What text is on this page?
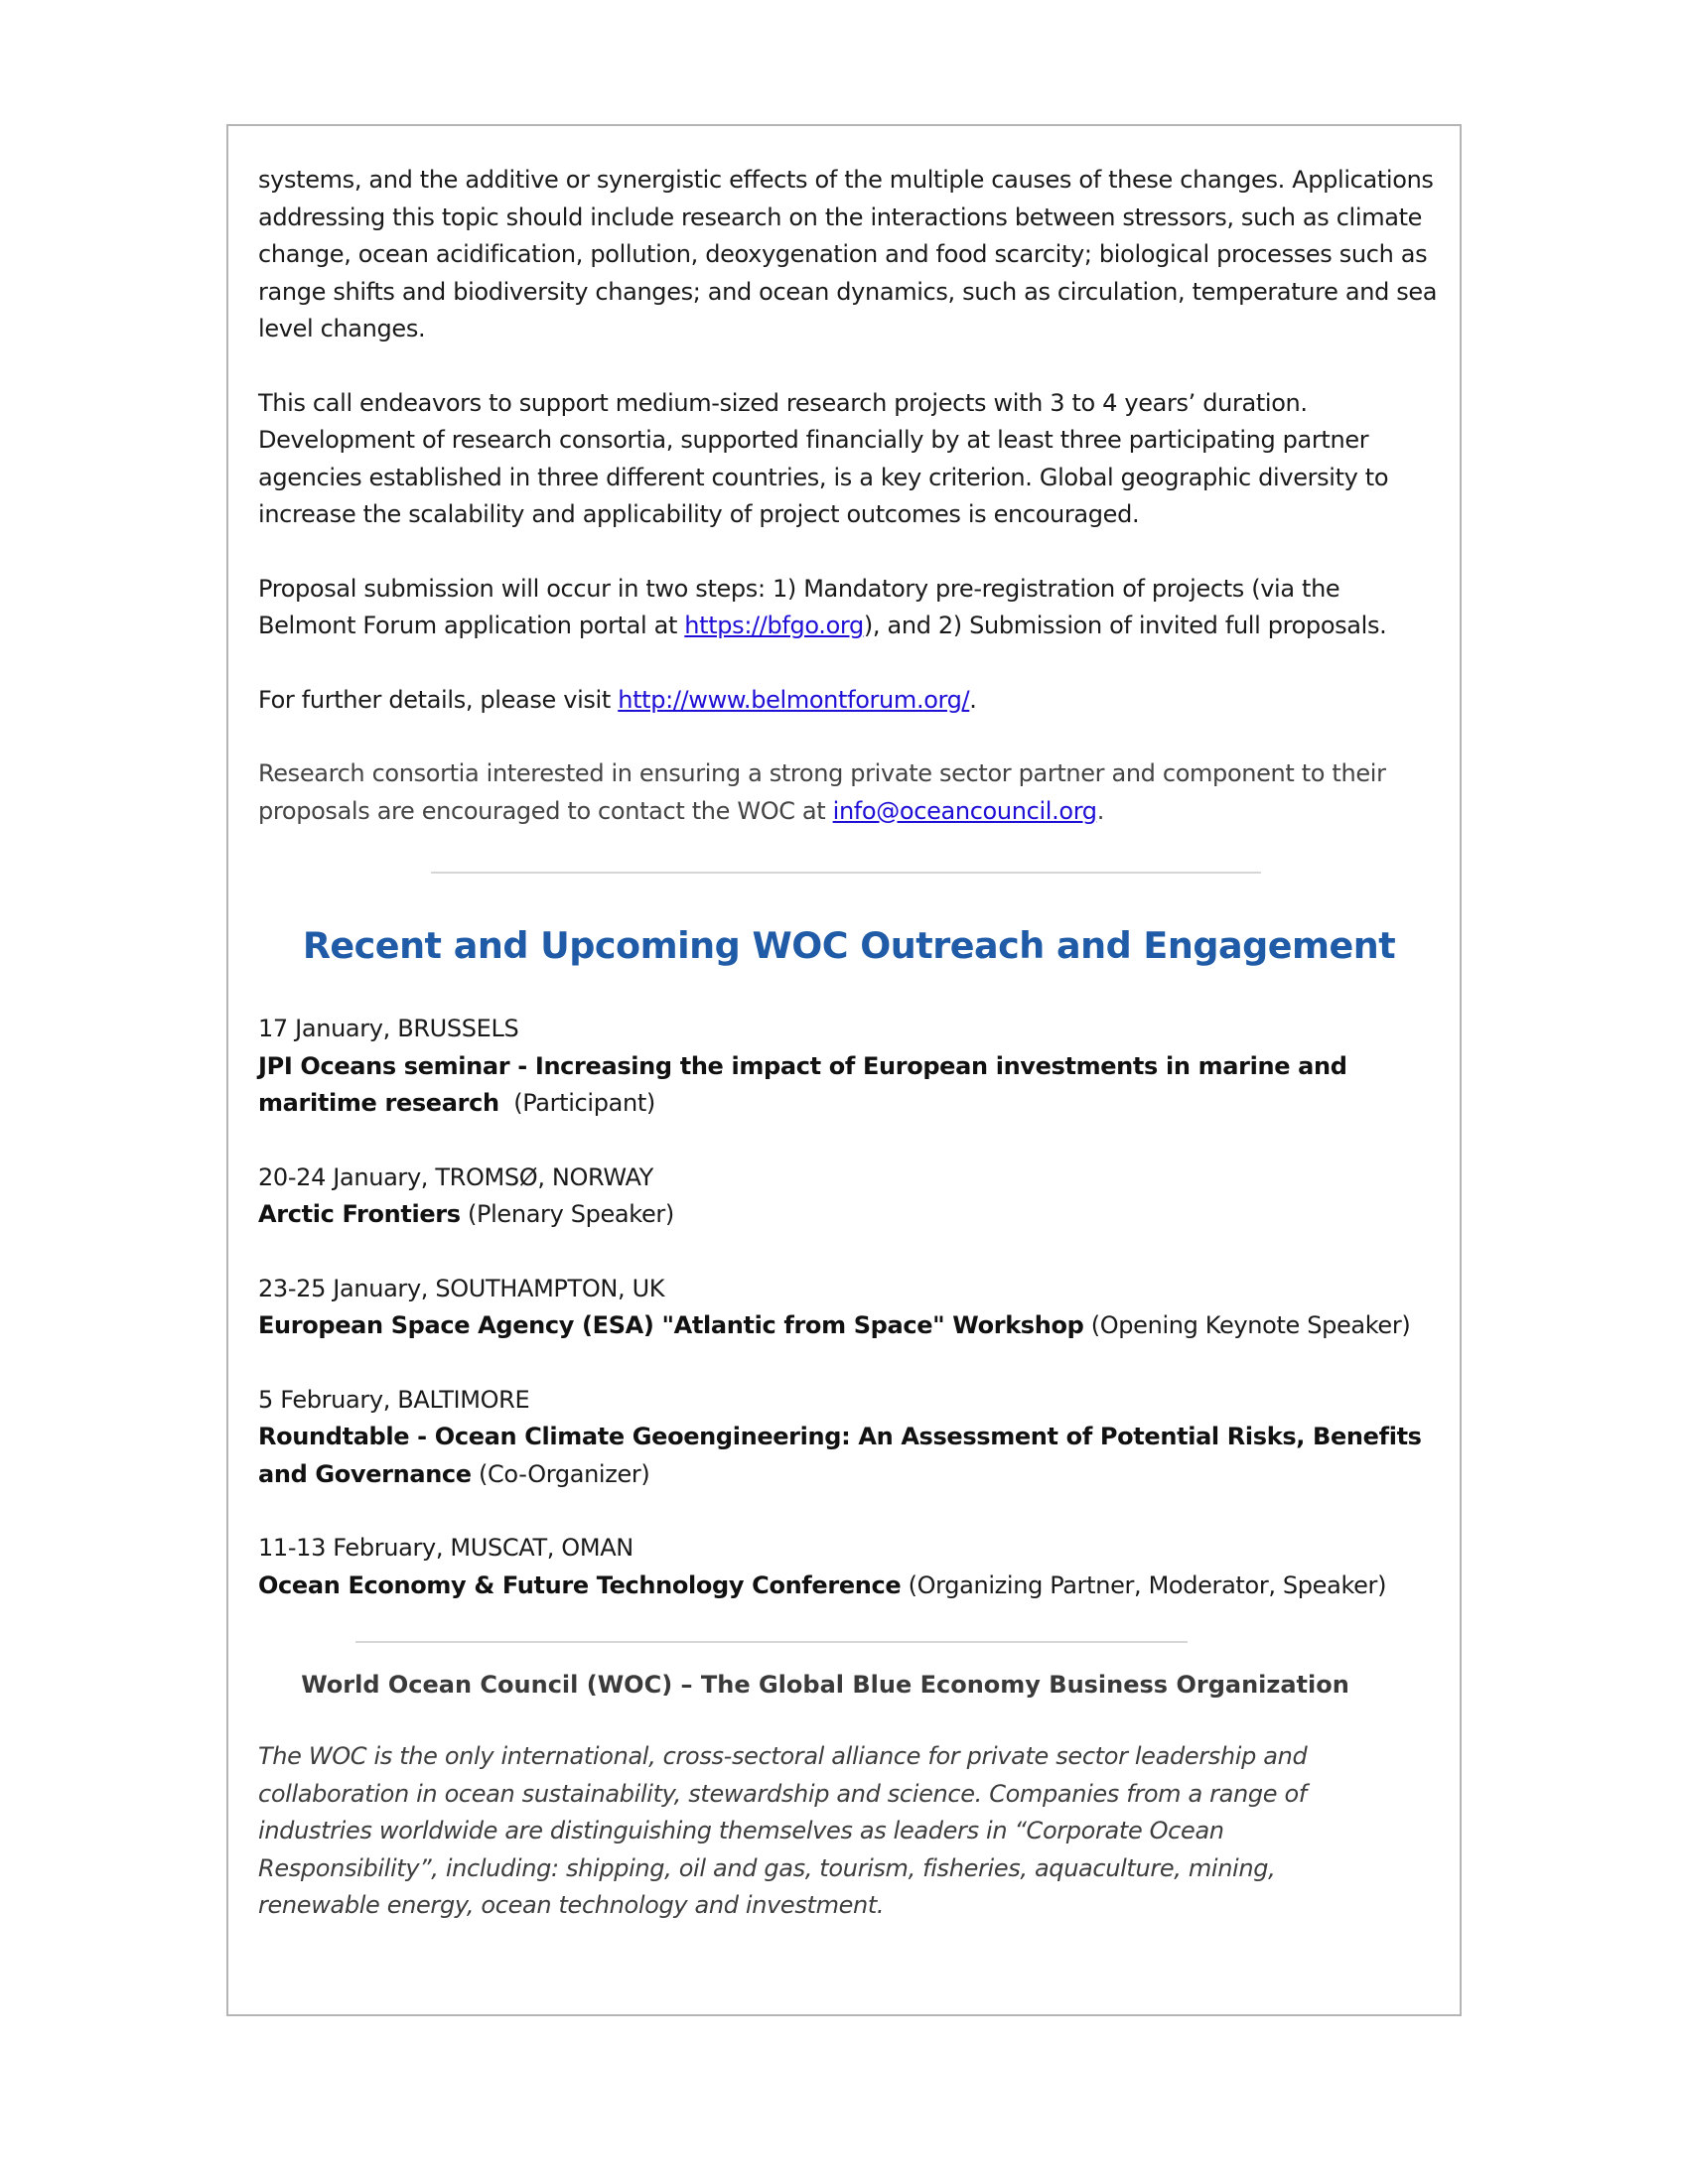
systems, and the additive or synergistic effects of the multiple causes of these changes. Applications addressing this topic should include research on the interactions between stressors, such as climate change, ocean acidification, pollution, deoxygenation and food scarcity; biological processes such as range shifts and biodiversity changes; and ocean dynamics, such as circulation, temperature and sea level changes.

This call endeavors to support medium-sized research projects with 3 to 4 years’ duration. Development of research consortia, supported financially by at least three participating partner agencies established in three different countries, is a key criterion. Global geographic diversity to increase the scalability and applicability of project outcomes is encouraged.

Proposal submission will occur in two steps: 1) Mandatory pre-registration of projects (via the Belmont Forum application portal at https://bfgo.org), and 2) Submission of invited full proposals.

For further details, please visit http://www.belmontforum.org/.

Research consortia interested in ensuring a strong private sector partner and component to their proposals are encouraged to contact the WOC at info@oceancouncil.org.

Recent and Upcoming WOC Outreach and Engagement

17 January, BRUSSELS

JPI Oceans seminar - Increasing the impact of European investments in marine and maritime research  (Participant)

20-24 January, TROMSØ, NORWAY

Arctic Frontiers (Plenary Speaker)

23-25 January, SOUTHAMPTON, UK

European Space Agency (ESA) "Atlantic from Space" Workshop (Opening Keynote Speaker)

5 February, BALTIMORE

Roundtable - Ocean Climate Geoengineering: An Assessment of Potential Risks, Benefits and Governance (Co-Organizer)

11-13 February, MUSCAT, OMAN

Ocean Economy & Future Technology Conference (Organizing Partner, Moderator, Speaker)

World Ocean Council (WOC) – The Global Blue Economy Business Organization

The WOC is the only international, cross-sectoral alliance for private sector leadership and collaboration in ocean sustainability, stewardship and science. Companies from a range of industries worldwide are distinguishing themselves as leaders in “Corporate Ocean Responsibility”, including: shipping, oil and gas, tourism, fisheries, aquaculture, mining, renewable energy, ocean technology and investment.
